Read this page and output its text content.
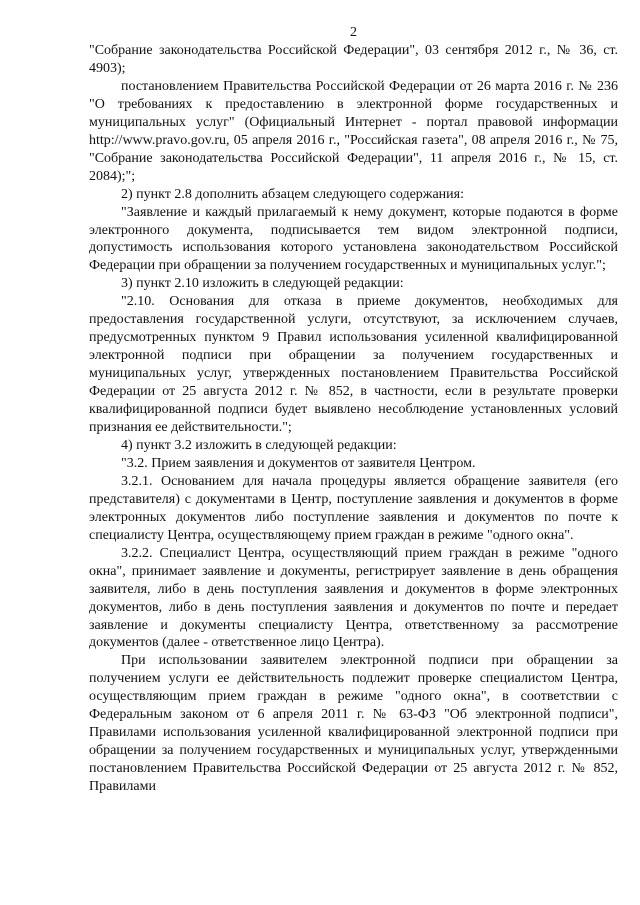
2

"Собрание законодательства Российской Федерации", 03 сентября 2012 г., № 36, ст. 4903);

постановлением Правительства Российской Федерации от 26 марта 2016 г. № 236 "О требованиях к предоставлению в электронной форме государственных и муниципальных услуг" (Официальный Интернет - портал правовой информации http://www.pravo.gov.ru, 05 апреля 2016 г., "Российская газета", 08 апреля 2016 г., № 75, "Собрание законодательства Российской Федерации", 11 апреля 2016 г., № 15, ст. 2084);";

2) пункт 2.8 дополнить абзацем следующего содержания:

"Заявление и каждый прилагаемый к нему документ, которые подаются в форме электронного документа, подписывается тем видом электронной подписи, допустимость использования которого установлена законодательством Российской Федерации при обращении за получением государственных и муниципальных услуг.";

3) пункт 2.10 изложить в следующей редакции:

"2.10. Основания для отказа в приеме документов, необходимых для предоставления государственной услуги, отсутствуют, за исключением случаев, предусмотренных пунктом 9 Правил использования усиленной квалифицированной электронной подписи при обращении за получением государственных и муниципальных услуг, утвержденных постановлением Правительства Российской Федерации от 25 августа 2012 г. № 852, в частности, если в результате проверки квалифицированной подписи будет выявлено несоблюдение установленных условий признания ее действительности.";

4) пункт 3.2 изложить в следующей редакции:

"3.2. Прием заявления и документов от заявителя Центром.

3.2.1. Основанием для начала процедуры является обращение заявителя (его представителя) с документами в Центр, поступление заявления и документов в форме электронных документов либо поступление заявления и документов по почте к специалисту Центра, осуществляющему прием граждан в режиме "одного окна".

3.2.2. Специалист Центра, осуществляющий прием граждан в режиме "одного окна", принимает заявление и документы, регистрирует заявление в день обращения заявителя, либо в день поступления заявления и документов в форме электронных документов, либо в день поступления заявления и документов по почте и передает заявление и документы специалисту Центра, ответственному за рассмотрение документов (далее - ответственное лицо Центра).

При использовании заявителем электронной подписи при обращении за получением услуги ее действительность подлежит проверке специалистом Центра, осуществляющим прием граждан в режиме "одного окна", в соответствии с Федеральным законом от 6 апреля 2011 г. № 63-ФЗ "Об электронной подписи", Правилами использования усиленной квалифицированной электронной подписи при обращении за получением государственных и муниципальных услуг, утвержденными постановлением Правительства Российской Федерации от 25 августа 2012 г. № 852, Правилами
